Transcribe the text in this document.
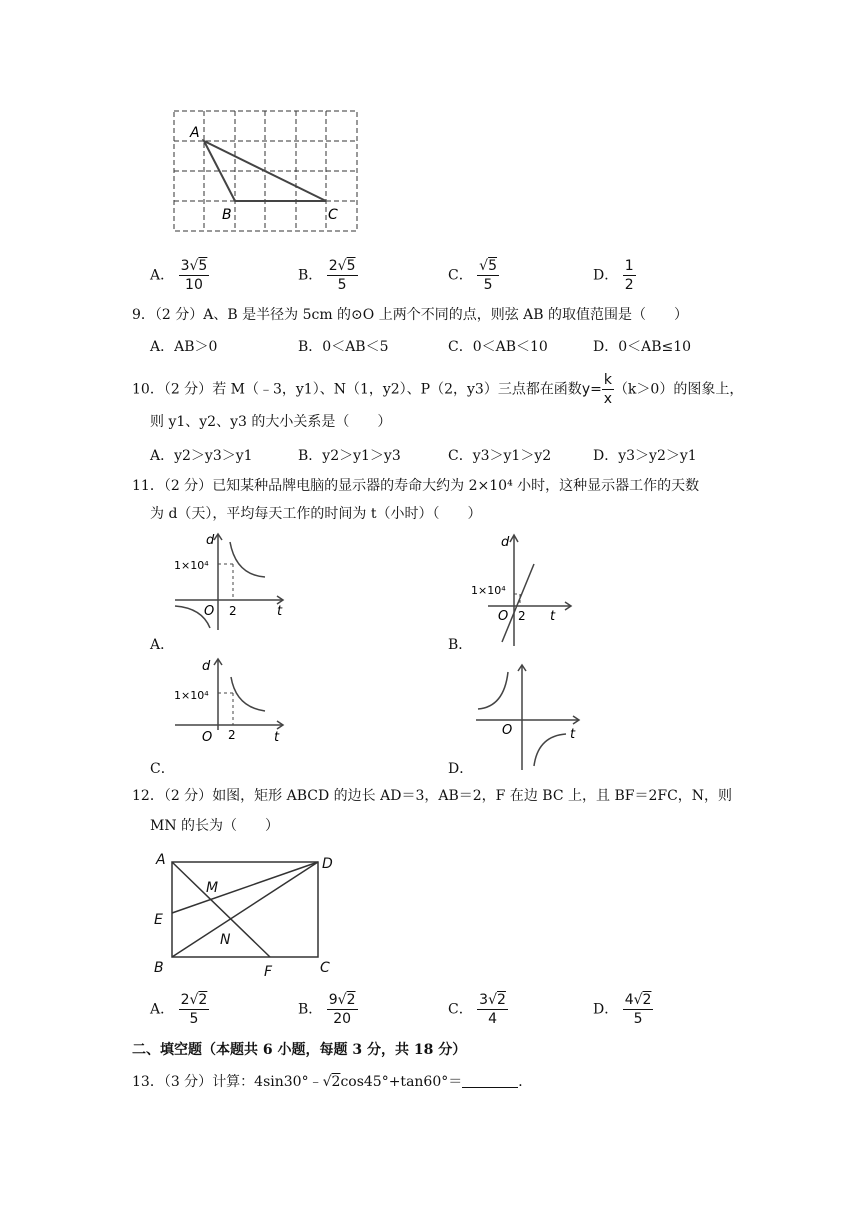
A
B	C
A． $\frac{3√5}{10}$	B． $\frac{2√5}{5}$	C． $\frac{√5}{5}$	D． $\frac{1}{2}$
9．（2 分）A、B 是半径为 5cm 的⊙O 上两个不同的点，则弦 AB 的取值范围是（　　）
A．AB＞0	B．0＜AB＜5	C．0＜AB＜10	D．0＜AB≤10
10．（2 分）若 M（﹣3，y1）、N（1，y2）、P（2，y3）三点都在函数$y= \frac{k}{x} (k>0)$的图象上，
则 y1、y2、y3 的大小关系是（　　）
A．y2＞y3＞y1	B．y2＞y1＞y3	C．y3＞y1＞y2	D．y3＞y2＞y1
11．（2 分）已知某种品牌电脑的显示器的寿命大约为 2×10⁴ 小时，这种显示器工作的天数
为 d（天），平均每天工作的时间为 t（小时）（　　）
d
1×10⁴
O 2	t
A．
d
1×10⁴
O 2 t
B．
d
1×10⁴
O 2	t
C．
O	t
D．
12．（2 分）如图，矩形 ABCD 的边长 AD＝3，AB＝2，F 在边 BC 上，且 BF＝2FC，N，则
MN 的长为（　　）
A	D
M
E
N
B	F	C
A． $\frac{2√2}{5}$	B． $\frac{9√2}{20}$	C． $\frac{3√2}{4}$	D． $\frac{4√2}{5}$
二、填空题（本题共 6 小题，每题 3 分，共 18 分）
13．（3 分）计算：4sin30°﹣√2cos45°+tan60°＝	．
